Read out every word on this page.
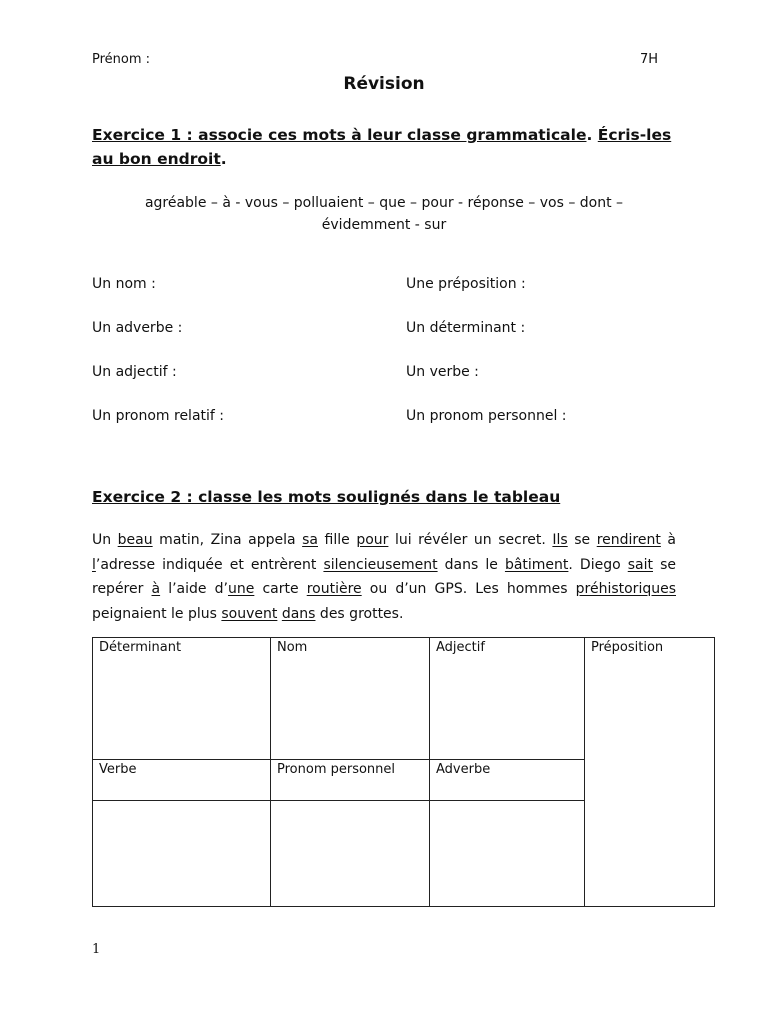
Prénom :	7H
Révision
Exercice 1 : associe ces mots à leur classe grammaticale. Écris-les au bon endroit.
agréable – à - vous – polluaient – que – pour - réponse – vos – dont –
évidemment - sur
Un nom :	Une préposition :
Un adverbe :	Un déterminant :
Un adjectif :	Un verbe :
Un pronom relatif :	Un pronom personnel :
Exercice 2 : classe les mots soulignés dans le tableau
Un beau matin, Zina appela sa fille pour lui révéler un secret. Ils se rendirent à l’adresse indiquée et entrèrent silencieusement dans le bâtiment. Diego sait se repérer à l’aide d’une carte routière ou d’un GPS. Les hommes préhistoriques peignaient le plus souvent dans des grottes.
Déterminant	Nom	Adjectif	Préposition
Verbe	Pronom personnel	Adverbe	

1
